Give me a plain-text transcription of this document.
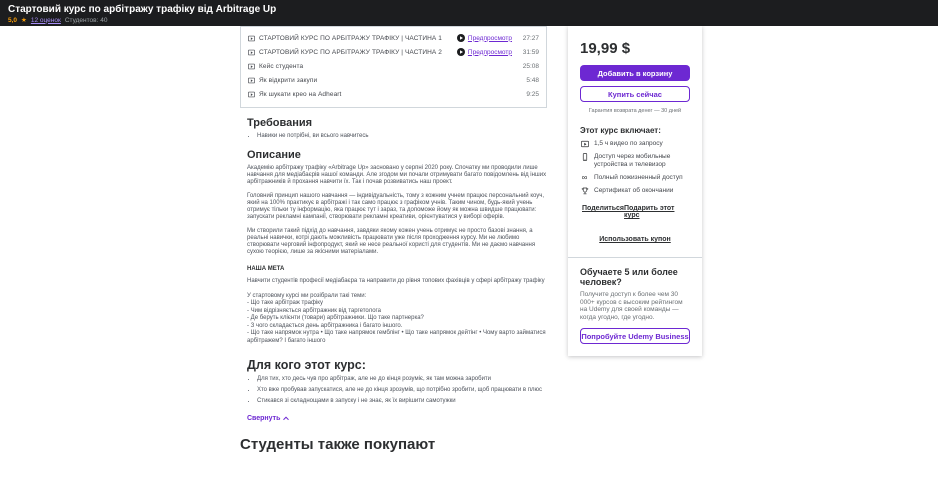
Стартовий курс по арбітражу трафіку від Arbitrage Up
5,0 ★ 12 оценок Студентов: 40
СТАРТОВИЙ КУРС ПО АРБІТРАЖУ ТРАФІКУ | ЧАСТИНА 1	Предпросмотр	27:27
СТАРТОВИЙ КУРС ПО АРБІТРАЖУ ТРАФІКУ | ЧАСТИНА 2	Предпросмотр	31:59
Кейс студента	25:08
Як відкрити закупи	5:48
Як шукати крео на Adheart	9:25
Требования
• Навики не потрібні, ви всього навчитесь
Описание

Академію арбітражу трафіку «Arbitrage Up» засновано у серпні 2020 року. Спочатку ми проводили лише навчання для медіабаєрів нашої команди. Але згодом ми почали отримувати багато повідомлень від інших арбітражників й прохання навчити їх. Так і почав розвиватись наш проект.

Головний принцип нашого навчання — індивідуальність, тому з кожним учнем працює персональний коуч, який на 100% практикує в арбітражі і так само працює з графіком учнів. Таким чином, будь-який учень отримує тільки ту інформацію, яка працює тут і зараз, та допоможе йому як можна швидше працювати: запускати рекламні кампанії, створювати рекламні креативи, орієнтуватися у виборі оферів.

Ми створили такий підхід до навчання, завдяки якому кожен учень отримує не просто базові знання, а реальні навички, котрі дають можливість працювати уже після проходження курсу. Ми не любимо створювати черговий інфопродукт, який не несе реальної користі для студентів. Ми не даємо навчання сухою теорією, лише за якісними матеріалами.

НАША МЕТА

Навчити студентів професії медіабаєра та направити до рівня топових фахівців у сфері арбітражу трафіку

У стартовому курсі ми розібрали такі теми:
- Що таке арбітраж трафіку
- Чим відрізняється арбітражник від таргетолога
- Де беруть клієнти (товари) арбітражники. Що таке партнерка?
- З чого складається день арбітражника і багато іншого.
- Що таке напрямок нутра • Що таке напрямок гемблінг • Що таке напрямок дейтінг • Чому варто займатися арбітражем? І багато іншого
Для кого этот курс:
• Для тих, хто десь чув про арбітраж, але не до кінця розуміє, як там можна заробити
• Хто вже пробував запускатися, але не до кінця зрозумів, що потрібно зробити, щоб працювати в плюс
• Стикався зі складнощами в запуску і не знає, як їх вирішити самотужки
Свернуть
Студенты также покупают
19,99 $
Добавить в корзину
Купить сейчас
Гарантия возврата денег — 30 дней
Этот курс включает:
1,5 ч видео по запросу
Доступ через мобильные устройства и телевизор
∞ Полный пожизненный доступ
Сертификат об окончании
Поделиться Подарить этот курс
Использовать купон
Обучаете 5 или более человек?
Получите доступ к более чем 30 000+ курсов с высоким рейтингом на Udemy для своей команды — когда угодно, где угодно.
Попробуйте Udemy Business
